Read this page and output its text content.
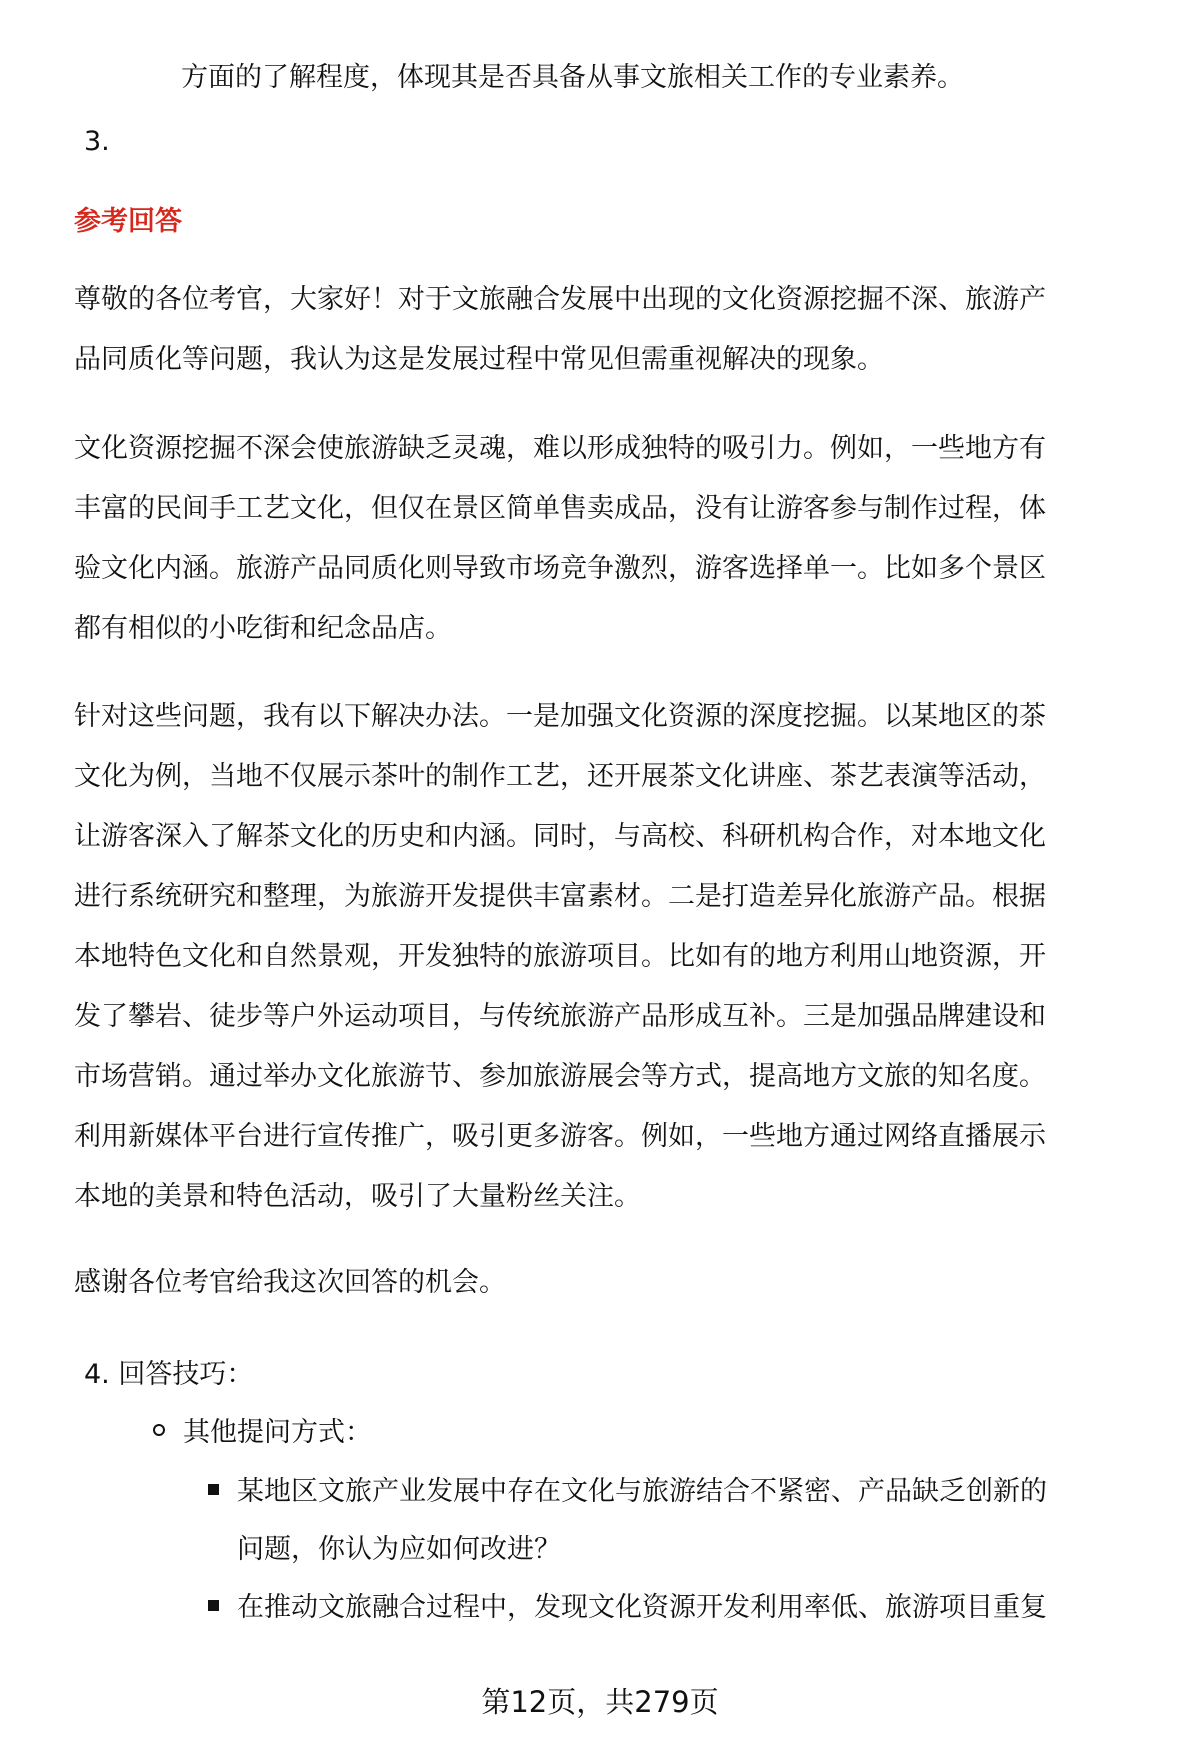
方面的了解程度，体现其是否具备从事文旅相关工作的专业素养。
3.
参考回答
尊敬的各位考官，大家好！对于文旅融合发展中出现的文化资源挖掘不深、旅游产
品同质化等问题，我认为这是发展过程中常见但需重视解决的现象。
文化资源挖掘不深会使旅游缺乏灵魂，难以形成独特的吸引力。例如，一些地方有
丰富的民间手工艺文化，但仅在景区简单售卖成品，没有让游客参与制作过程，体
验文化内涵。旅游产品同质化则导致市场竞争激烈，游客选择单一。比如多个景区
都有相似的小吃街和纪念品店。
针对这些问题，我有以下解决办法。一是加强文化资源的深度挖掘。以某地区的茶
文化为例，当地不仅展示茶叶的制作工艺，还开展茶文化讲座、茶艺表演等活动，
让游客深入了解茶文化的历史和内涵。同时，与高校、科研机构合作，对本地文化
进行系统研究和整理，为旅游开发提供丰富素材。二是打造差异化旅游产品。根据
本地特色文化和自然景观，开发独特的旅游项目。比如有的地方利用山地资源，开
发了攀岩、徒步等户外运动项目，与传统旅游产品形成互补。三是加强品牌建设和
市场营销。通过举办文化旅游节、参加旅游展会等方式，提高地方文旅的知名度。
利用新媒体平台进行宣传推广，吸引更多游客。例如，一些地方通过网络直播展示
本地的美景和特色活动，吸引了大量粉丝关注。
感谢各位考官给我这次回答的机会。
4. 回答技巧：
其他提问方式：
某地区文旅产业发展中存在文化与旅游结合不紧密、产品缺乏创新的
问题，你认为应如何改进？
在推动文旅融合过程中，发现文化资源开发利用率低、旅游项目重复
第12页，共279页
